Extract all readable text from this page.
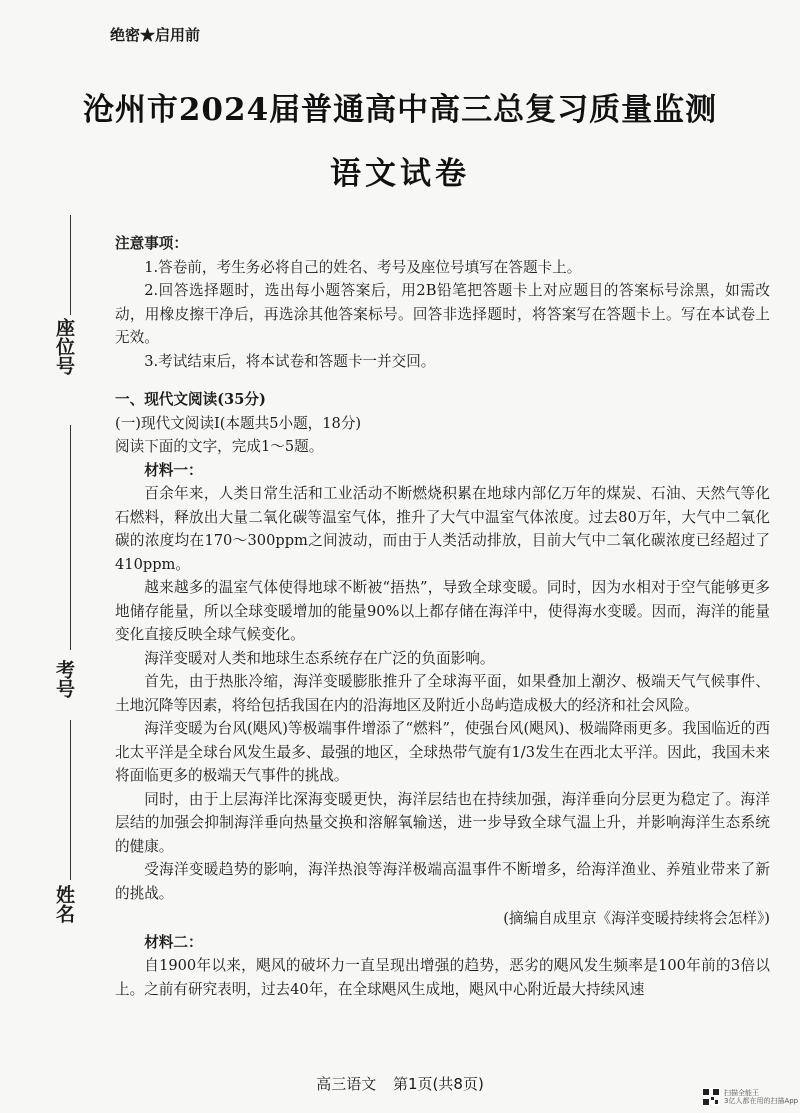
绝密★启用前
沧州市2024届普通高中高三总复习质量监测
语文试卷
座位号
考号
姓名

注意事项：

1.答卷前，考生务必将自己的姓名、考号及座位号填写在答题卡上。

2.回答选择题时，选出每小题答案后，用2B铅笔把答题卡上对应题目的答案标号涂黑，如需改动，用橡皮擦干净后，再选涂其他答案标号。回答非选择题时，将答案写在答题卡上。写在本试卷上无效。

3.考试结束后，将本试卷和答题卡一并交回。

一、现代文阅读(35分)

(一)现代文阅读Ⅰ(本题共5小题，18分)

阅读下面的文字，完成1～5题。

材料一：

百余年来，人类日常生活和工业活动不断燃烧积累在地球内部亿万年的煤炭、石油、天然气等化石燃料，释放出大量二氧化碳等温室气体，推升了大气中温室气体浓度。过去80万年，大气中二氧化碳的浓度均在170～300ppm之间波动，而由于人类活动排放，目前大气中二氧化碳浓度已经超过了410ppm。

越来越多的温室气体使得地球不断被“捂热”，导致全球变暖。同时，因为水相对于空气能够更多地储存能量，所以全球变暖增加的能量90%以上都存储在海洋中，使得海水变暖。因而，海洋的能量变化直接反映全球气候变化。

海洋变暖对人类和地球生态系统存在广泛的负面影响。

首先，由于热胀冷缩，海洋变暖膨胀推升了全球海平面，如果叠加上潮汐、极端天气气候事件、土地沉降等因素，将给包括我国在内的沿海地区及附近小岛屿造成极大的经济和社会风险。

海洋变暖为台风(飓风)等极端事件增添了“燃料”，使强台风(飓风)、极端降雨更多。我国临近的西北太平洋是全球台风发生最多、最强的地区，全球热带气旋有1/3发生在西北太平洋。因此，我国未来将面临更多的极端天气事件的挑战。

同时，由于上层海洋比深海变暖更快，海洋层结也在持续加强，海洋垂向分层更为稳定了。海洋层结的加强会抑制海洋垂向热量交换和溶解氧输送，进一步导致全球气温上升，并影响海洋生态系统的健康。

受海洋变暖趋势的影响，海洋热浪等海洋极端高温事件不断增多，给海洋渔业、养殖业带来了新的挑战。

(摘编自成里京《海洋变暖持续将会怎样》)

材料二：

自1900年以来，飓风的破坏力一直呈现出增强的趋势，恶劣的飓风发生频率是100年前的3倍以上。之前有研究表明，过去40年，在全球飓风生成地，飓风中心附近最大持续风速

高三语文 第1页(共8页)	扫描全能王
3亿人都在用的扫描App
